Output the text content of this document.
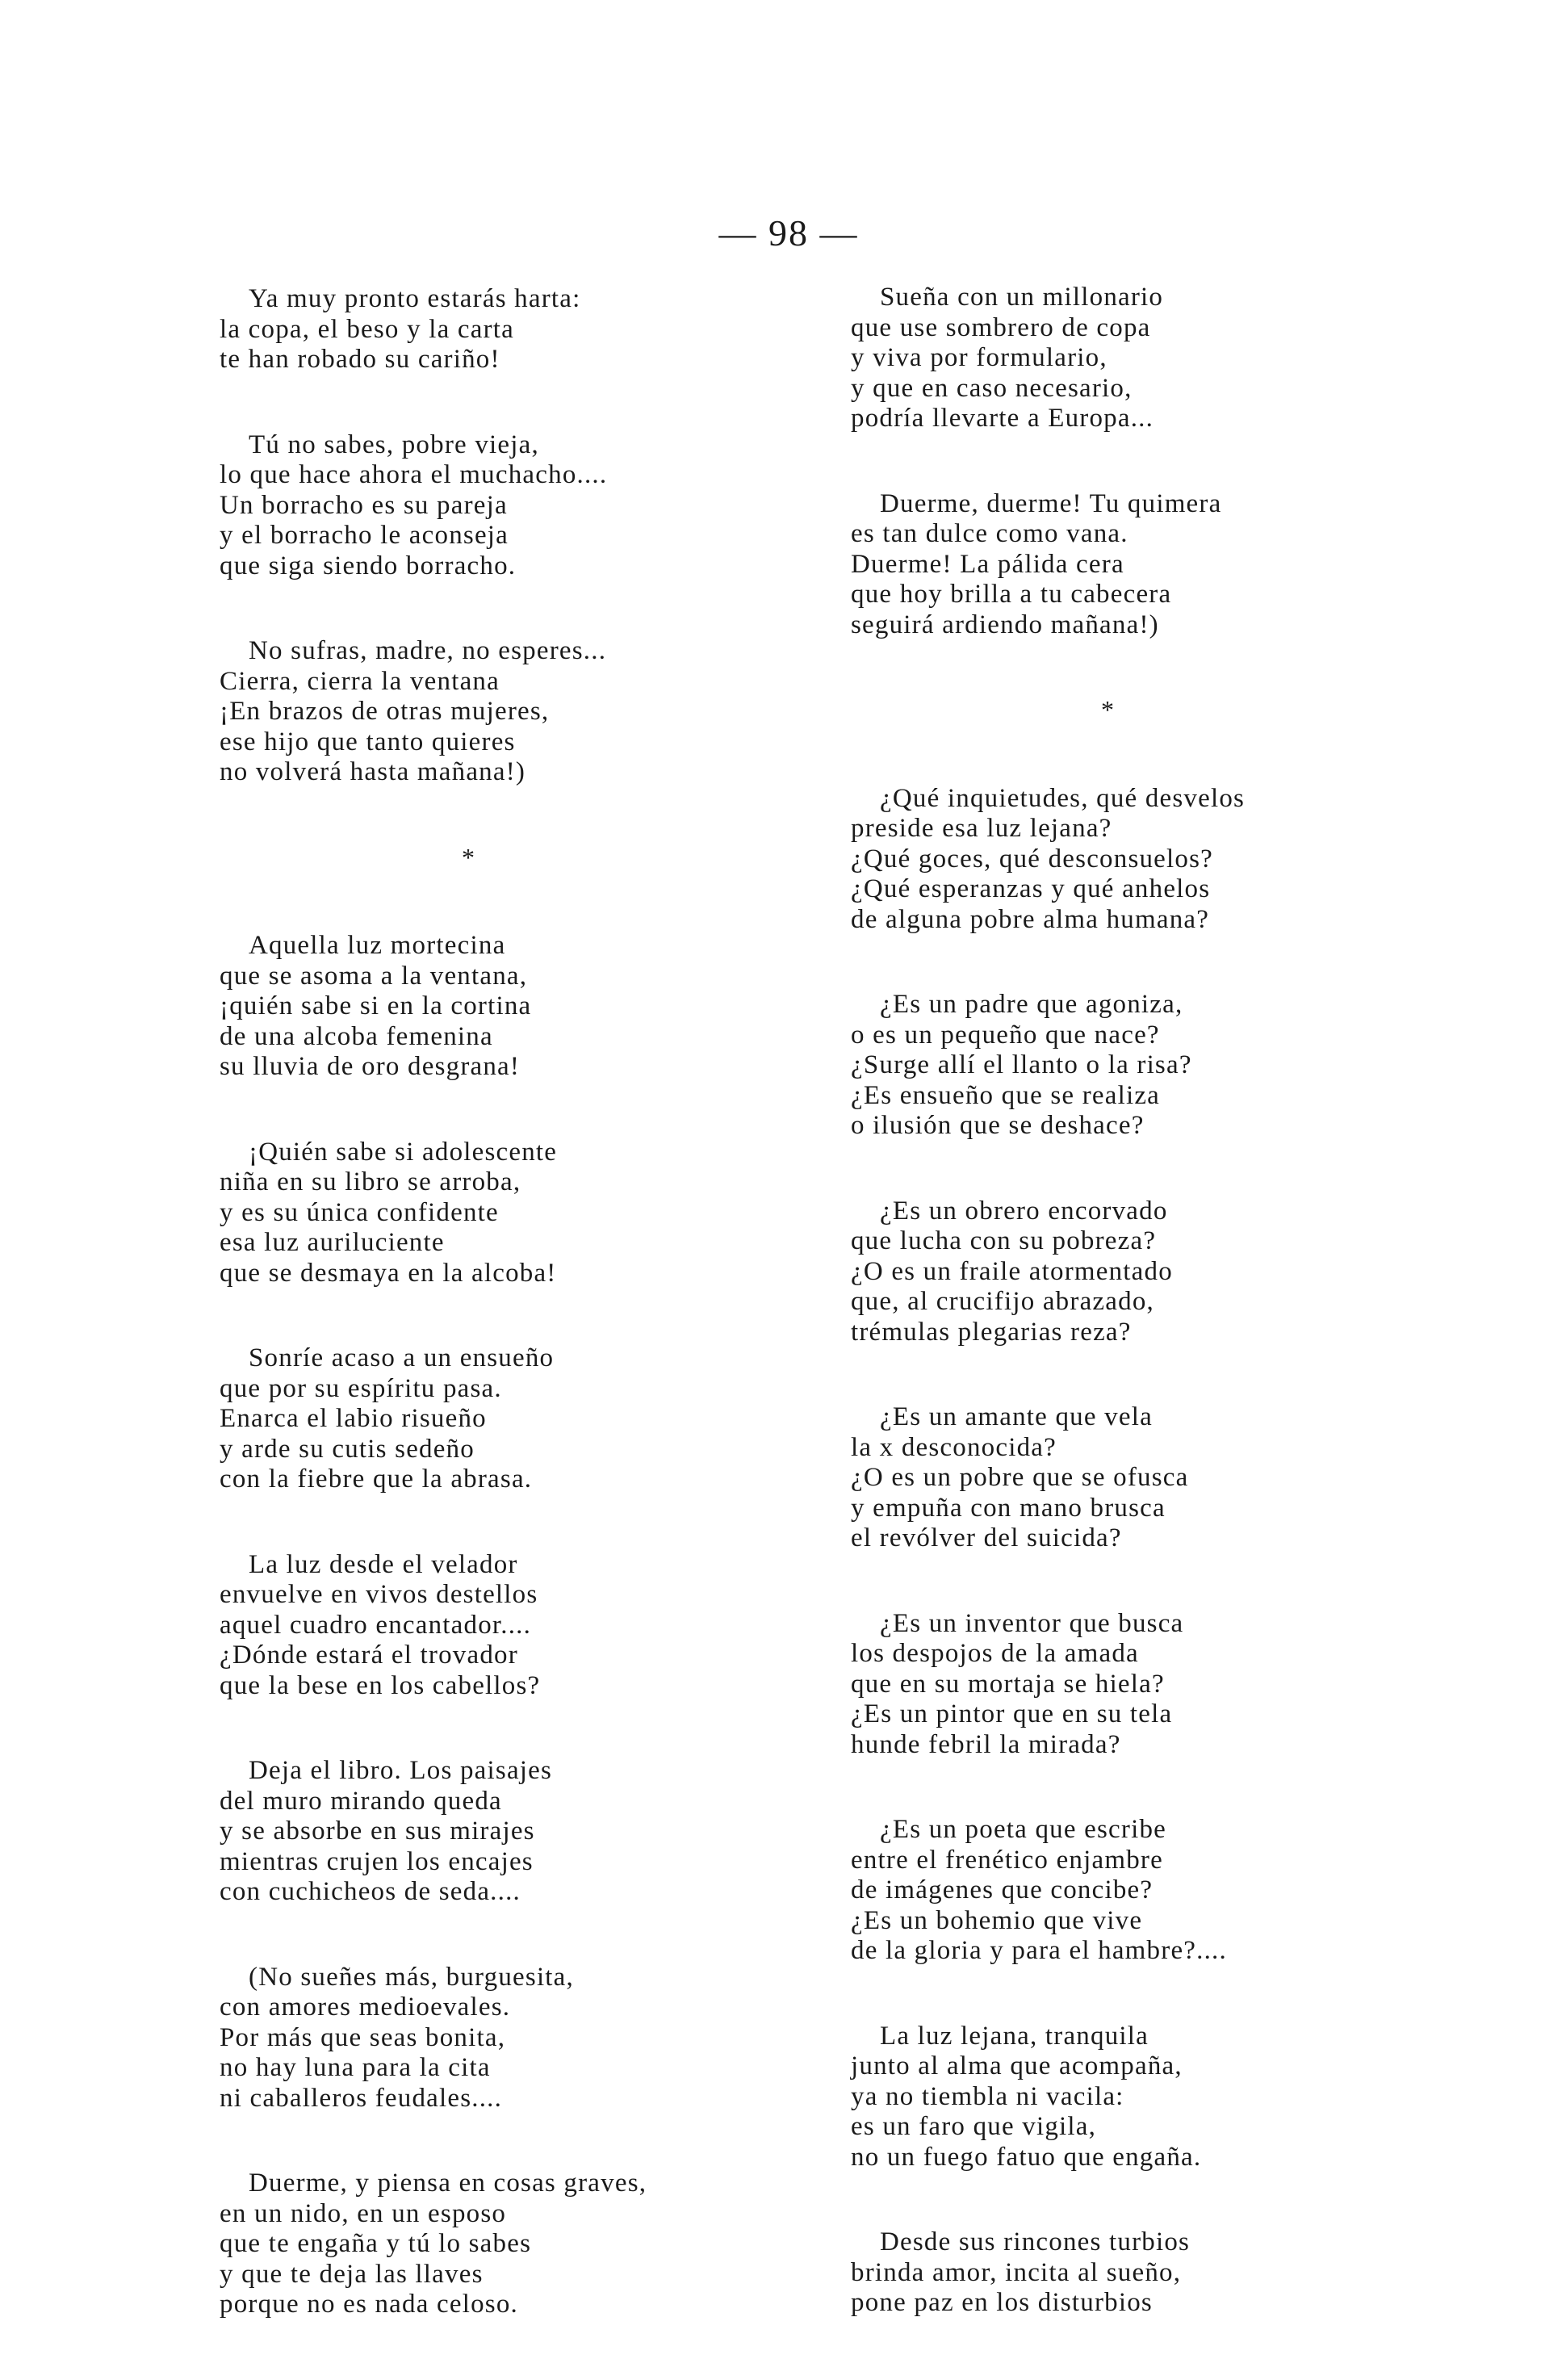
— 98 —
Ya muy pronto estarás harta:
la copa, el beso y la carta
te han robado su cariño!
Tú no sabes, pobre vieja,
lo que hace ahora el muchacho....
Un borracho es su pareja
y el borracho le aconseja
que siga siendo borracho.
No sufras, madre, no esperes...
Cierra, cierra la ventana
¡En brazos de otras mujeres,
ese hijo que tanto quieres
no volverá hasta mañana!)
*
Aquella luz mortecina
que se asoma a la ventana,
¡quién sabe si en la cortina
de una alcoba femenina
su lluvia de oro desgrana!
¡Quién sabe si adolescente
niña en su libro se arroba,
y es su única confidente
esa luz auriluciente
que se desmaya en la alcoba!
Sonríe acaso a un ensueño
que por su espíritu pasa.
Enarca el labio risueño
y arde su cutis sedeño
con la fiebre que la abrasa.
La luz desde el velador
envuelve en vivos destellos
aquel cuadro encantador....
¿Dónde estará el trovador
que la bese en los cabellos?
Deja el libro. Los paisajes
del muro mirando queda
y se absorbe en sus mirajes
mientras crujen los encajes
con cuchicheos de seda....
(No sueñes más, burguesita,
con amores medioevales.
Por más que seas bonita,
no hay luna para la cita
ni caballeros feudales....
Duerme, y piensa en cosas graves,
en un nido, en un esposo
que te engaña y tú lo sabes
y que te deja las llaves
porque no es nada celoso.
Sueña con un millonario
que use sombrero de copa
y viva por formulario,
y que en caso necesario,
podría llevarte a Europa...
Duerme, duerme! Tu quimera
es tan dulce como vana.
Duerme! La pálida cera
que hoy brilla a tu cabecera
seguirá ardiendo mañana!)
*
¿Qué inquietudes, qué desvelos
preside esa luz lejana?
¿Qué goces, qué desconsuelos?
¿Qué esperanzas y qué anhelos
de alguna pobre alma humana?
¿Es un padre que agoniza,
o es un pequeño que nace?
¿Surge allí el llanto o la risa?
¿Es ensueño que se realiza
o ilusión que se deshace?
¿Es un obrero encorvado
que lucha con su pobreza?
¿O es un fraile atormentado
que, al crucifijo abrazado,
trémulas plegarias reza?
¿Es un amante que vela
la x desconocida?
¿O es un pobre que se ofusca
y empuña con mano brusca
el revólver del suicida?
¿Es un inventor que busca
los despojos de la amada
que en su mortaja se hiela?
¿Es un pintor que en su tela
hunde febril la mirada?
¿Es un poeta que escribe
entre el frenético enjambre
de imágenes que concibe?
¿Es un bohemio que vive
de la gloria y para el hambre?....
La luz lejana, tranquila
junto al alma que acompaña,
ya no tiembla ni vacila:
es un faro que vigila,
no un fuego fatuo que engaña.
Desde sus rincones turbios
brinda amor, incita al sueño,
pone paz en los disturbios
